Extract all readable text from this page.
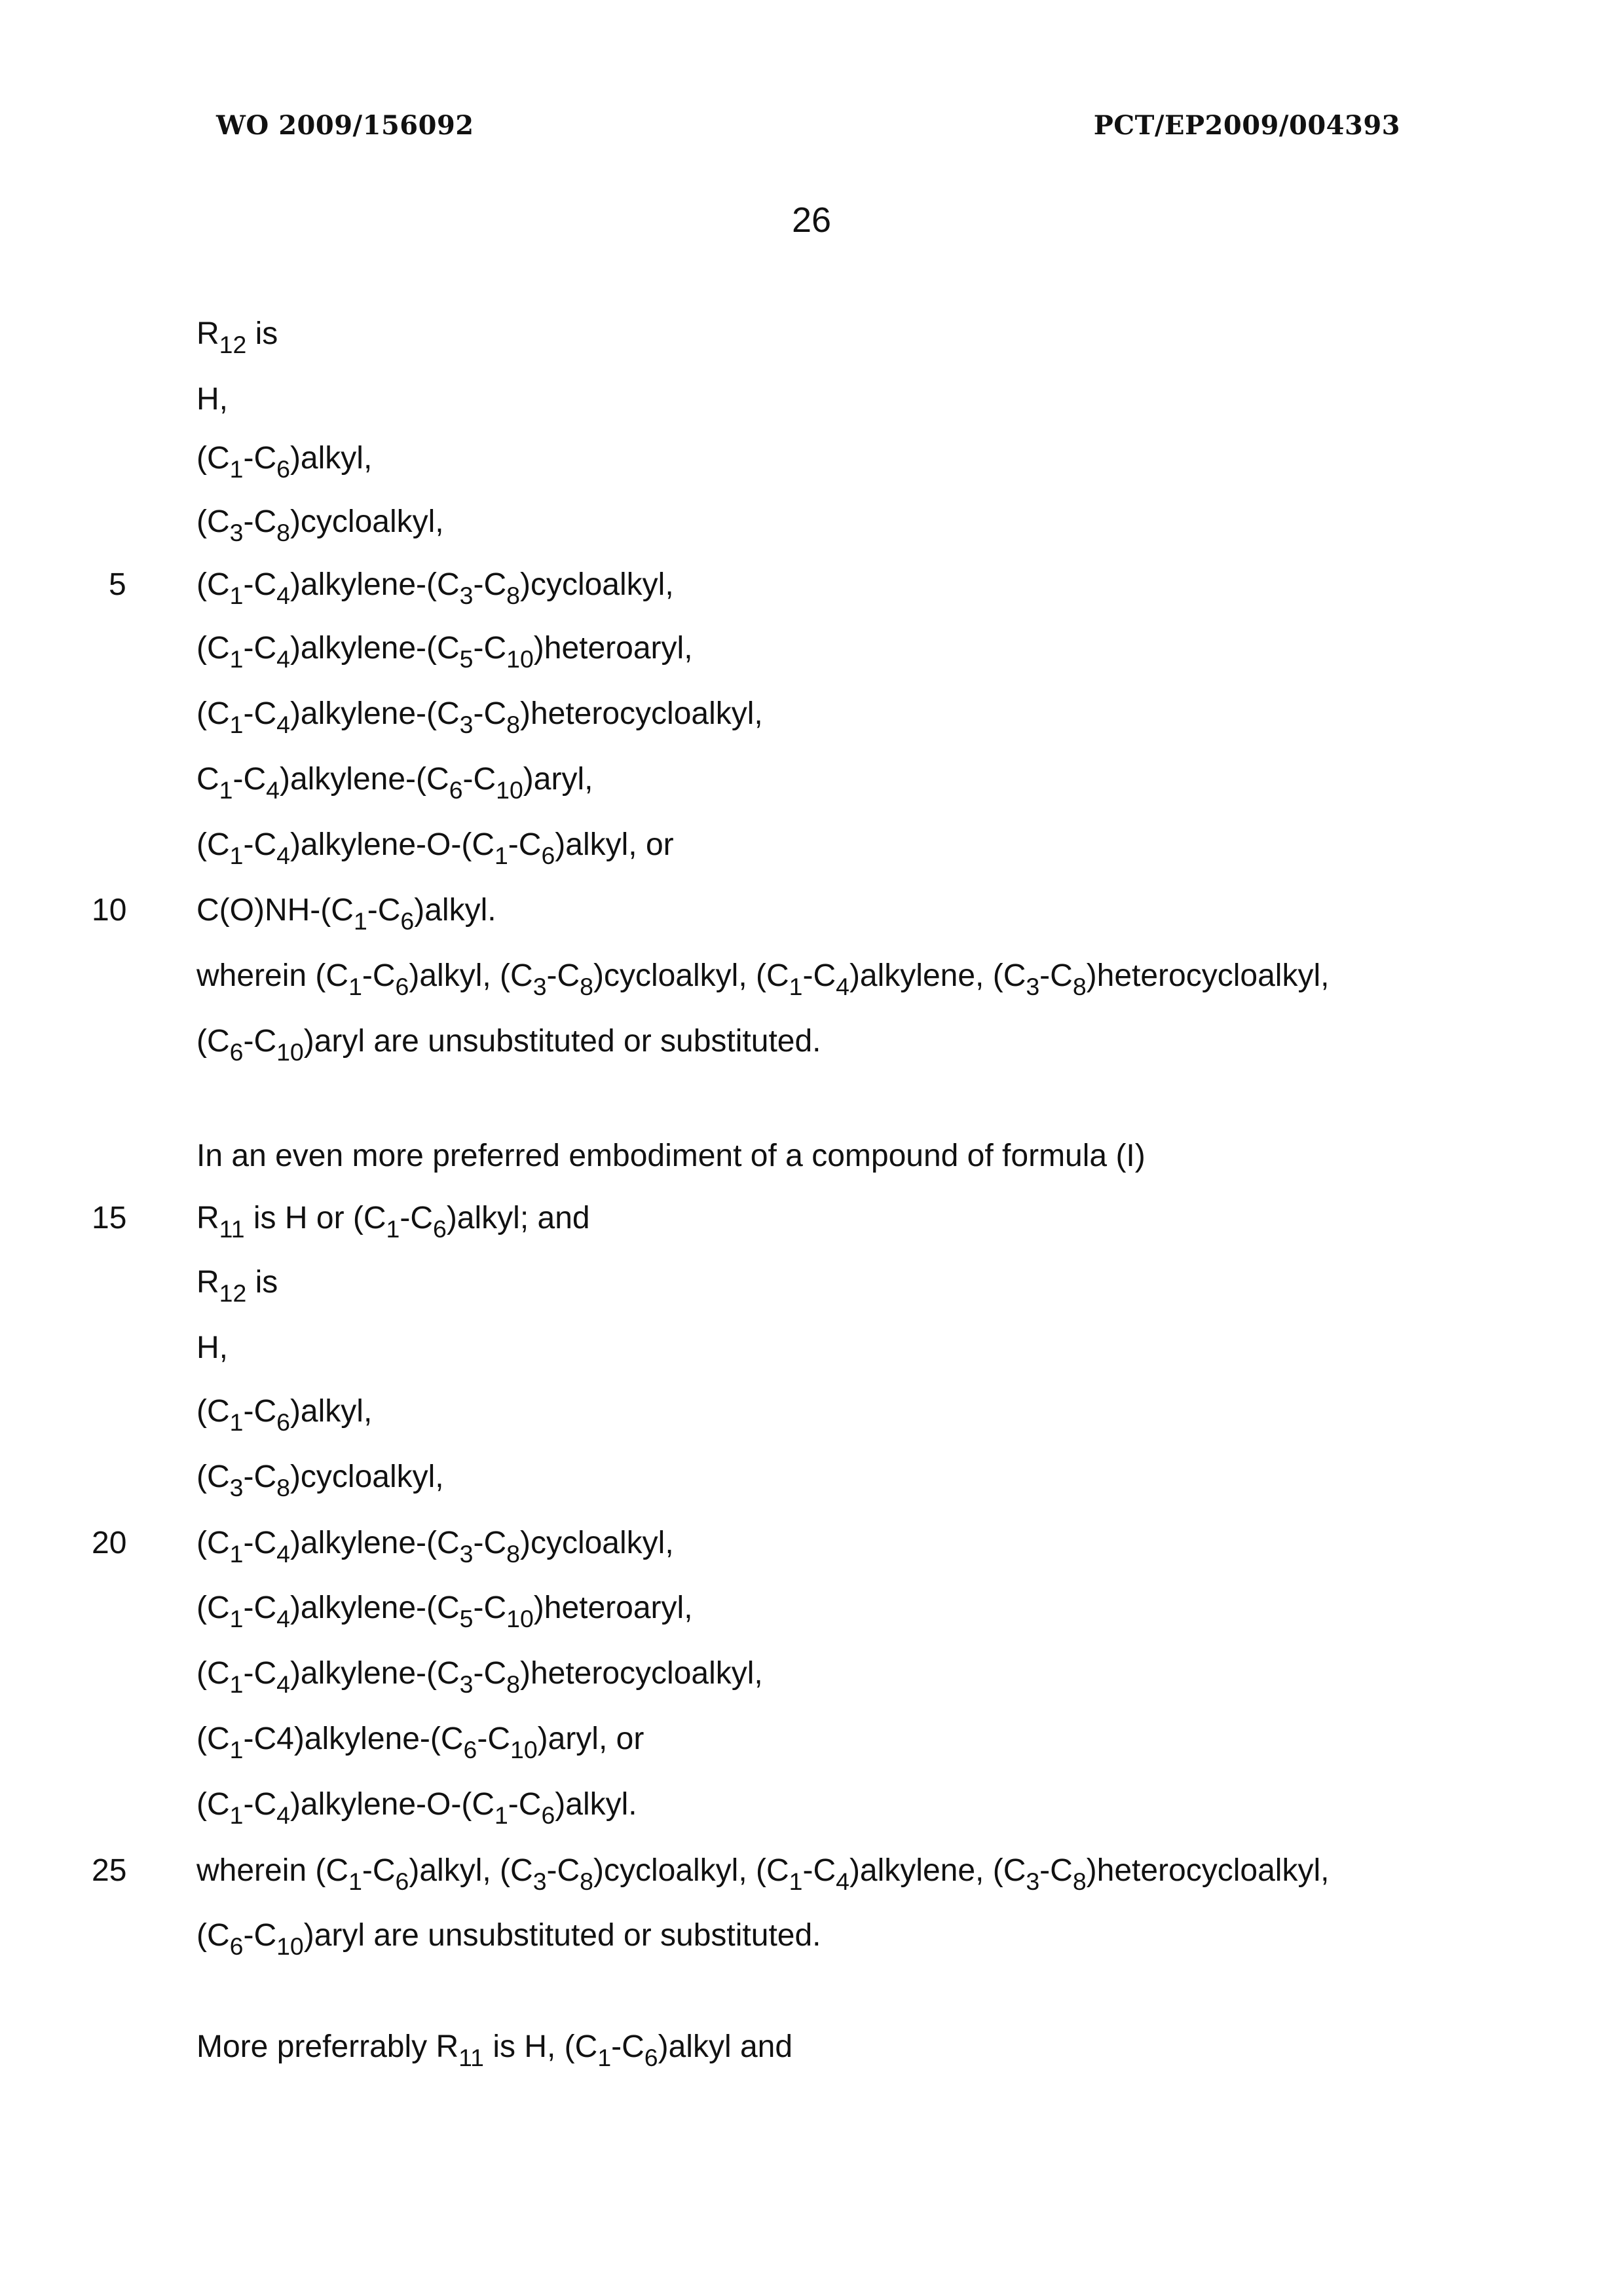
WO 2009/156092	PCT/EP2009/004393
26
5
10
15
20
25
$R_{12}$ is
H,
$(C_1-C_6)alkyl$,
$(C_3-C_8)cycloalkyl$,
$(C_1-C_4)alkylene-(C_3-C_8)cycloalkyl$,
$(C_1-C_4)alkylene-(C_5-C_{10})heteroaryl$,
$(C_1-C_4)alkylene-(C_3-C_8)heterocycloalkyl$,
$C_1-C_4)alkylene-(C_6-C_{10})aryl$,
$(C_1-C_4)alkylene-O-(C_1-C_6)alkyl$, or
$C(O)NH-(C_1-C_6)alkyl$.
wherein $(C_1-C_6)alkyl$, $(C_3-C_8)cycloalkyl$, $(C_1-C_4)alkylene$, $(C_3-C_8)heterocycloalkyl$,
$(C_6-C_{10})aryl$ are unsubstituted or substituted.
In an even more preferred embodiment of a compound of formula (I)
$R_{11}$ is H or $(C_1-C_6)alkyl$; and
$R_{12}$ is
H,
$(C_1-C_6)alkyl$,
$(C_3-C_8)cycloalkyl$,
$(C_1-C_4)alkylene-(C_3-C_8)cycloalkyl$,
$(C_1-C_4)alkylene-(C_5-C_{10})heteroaryl$,
$(C_1-C_4)alkylene-(C_3-C_8)heterocycloalkyl$,
$(C_1-C4)alkylene-(C_6-C_{10})aryl$, or
$(C_1-C_4)alkylene-O-(C_1-C_6)alkyl$.
wherein $(C_1-C_6)alkyl$, $(C_3-C_8)cycloalkyl$, $(C_1-C_4)alkylene$, $(C_3-C_8)heterocycloalkyl$,
$(C_6-C_{10})aryl$ are unsubstituted or substituted.
More preferrably $R_{11}$ is H, $(C_1-C_6)alkyl$ and
